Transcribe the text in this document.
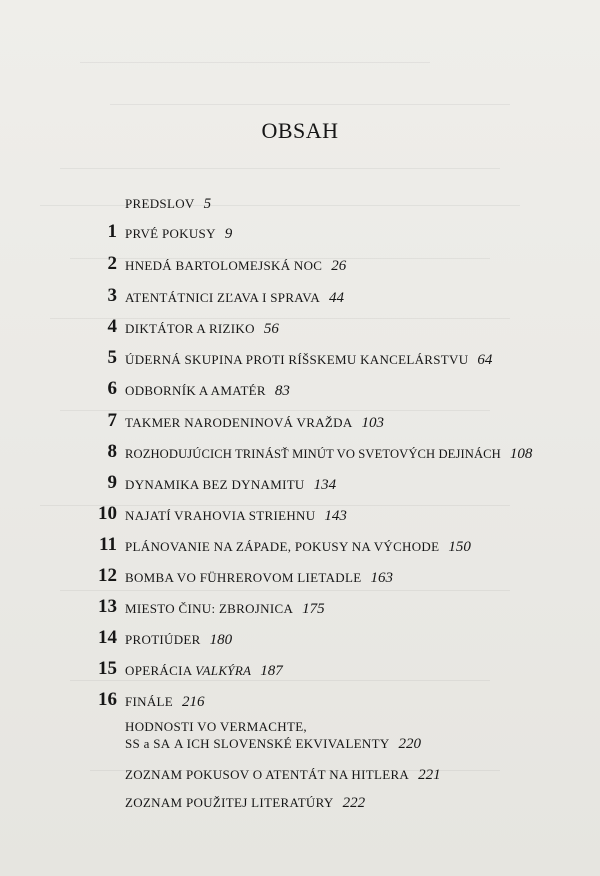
OBSAH
PREDSLOV 5
1 PRVÉ POKUSY 9
2 HNEDÁ BARTOLOMEJSKÁ NOC 26
3 ATENTÁTNICI ZĽAVA I SPRAVA 44
4 DIKTÁTOR A RIZIKO 56
5 ÚDERNÁ SKUPINA PROTI RÍŠSKEMU KANCELÁRSTVU 64
6 ODBORNÍK A AMATÉR 83
7 TAKMER NARODENINOVÁ VRAŽDA 103
8 ROZHODUJÚCICH TRINÁSŤ MINÚT VO SVETOVÝCH DEJINÁCH 108
9 DYNAMIKA BEZ DYNAMITU 134
10 NAJATÍ VRAHOVIA STRIEHNU 143
11 PLÁNOVANIE NA ZÁPADE, POKUSY NA VÝCHODE 150
12 BOMBA VO FÜHREROVOM LIETADLE 163
13 MIESTO ČINU: ZBROJNICA 175
14 PROTIÚDER 180
15 OPERÁCIA VALKÝRA 187
16 FINÁLE 216
HODNOSTI VO VERMACHTE,
SS a SA A ICH SLOVENSKÉ EKVIVALENTY 220
ZOZNAM POKUSOV O ATENTÁT NA HITLERA 221
ZOZNAM POUŽITEJ LITERATÚRY 222
